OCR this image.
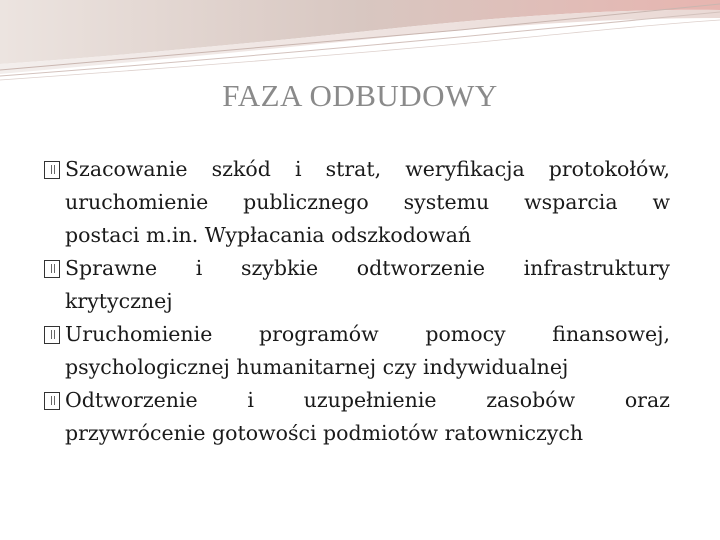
FAZA ODBUDOWY
Szacowanie szkód i strat, weryfikacja protokołów,
uruchomienie publicznego systemu wsparcia w
postaci m.in. Wypłacania odszkodowań
Sprawne i szybkie odtworzenie infrastruktury
krytycznej
Uruchomienie programów pomocy finansowej,
psychologicznej humanitarnej czy indywidualnej
Odtworzenie i uzupełnienie zasobów oraz
przywrócenie gotowości podmiotów ratowniczych
